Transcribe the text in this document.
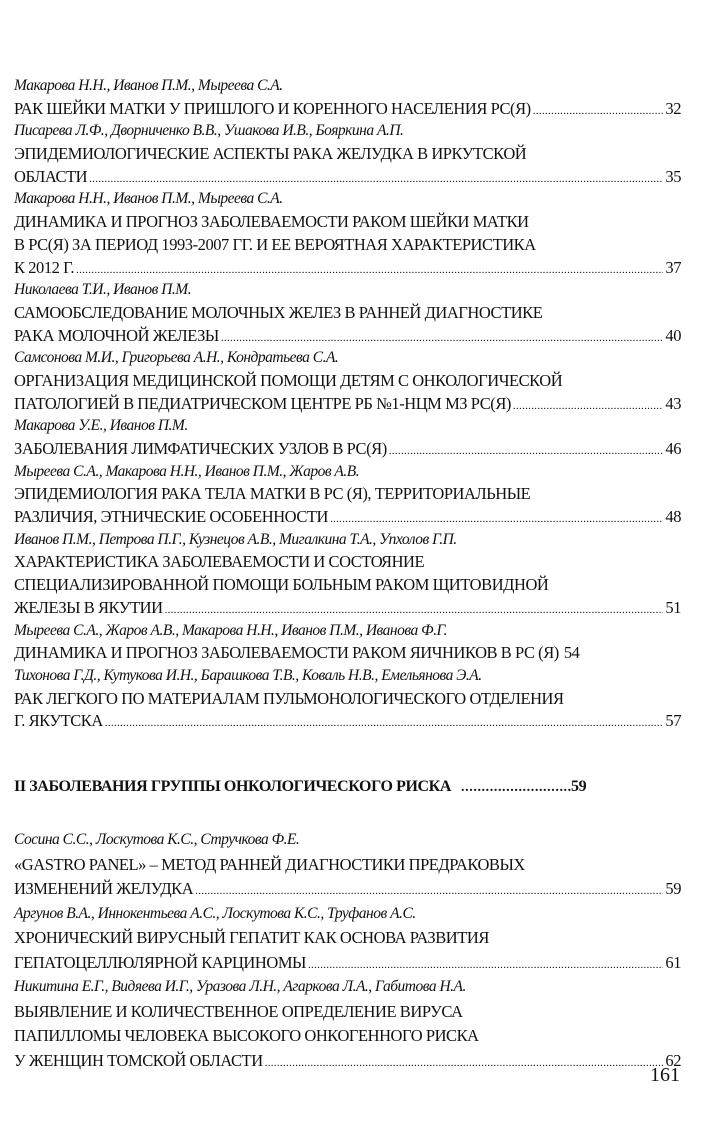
Макарова Н.Н., Иванов П.М., Мыреева С.А.
РАК ШЕЙКИ МАТКИ У ПРИШЛОГО И КОРЕННОГО НАСЕЛЕНИЯ РС(Я) .....	32
Писарева Л.Ф., Дворниченко В.В., Ушакова И.В., Бояркина А.П.
ЭПИДЕМИОЛОГИЧЕСКИЕ АСПЕКТЫ РАКА ЖЕЛУДКА В ИРКУТСКОЙ
ОБЛАСТИ .....	35
Макарова Н.Н., Иванов П.М., Мыреева С.А.
ДИНАМИКА И ПРОГНОЗ ЗАБОЛЕВАЕМОСТИ РАКОМ ШЕЙКИ МАТКИ
В РС(Я) ЗА ПЕРИОД 1993-2007 ГГ. И ЕЕ ВЕРОЯТНАЯ ХАРАКТЕРИСТИКА
К 2012 Г. .....	37
Николаева Т.И., Иванов П.М.
САМООБСЛЕДОВАНИЕ МОЛОЧНЫХ ЖЕЛЕЗ В РАННЕЙ ДИАГНОСТИКЕ
РАКА МОЛОЧНОЙ ЖЕЛЕЗЫ .....	40
Самсонова М.И., Григорьева А.Н., Кондратьева С.А.
ОРГАНИЗАЦИЯ МЕДИЦИНСКОЙ ПОМОЩИ ДЕТЯМ С ОНКОЛОГИЧЕСКОЙ
ПАТОЛОГИЕЙ В ПЕДИАТРИЧЕСКОМ ЦЕНТРЕ РБ №1-НЦМ МЗ РС(Я) .....	43
Макарова У.Е., Иванов П.М.
ЗАБОЛЕВАНИЯ ЛИМФАТИЧЕСКИХ УЗЛОВ В РС(Я) .....	46
Мыреева С.А., Макарова Н.Н., Иванов П.М., Жаров А.В.
ЭПИДЕМИОЛОГИЯ РАКА ТЕЛА МАТКИ В РС (Я), ТЕРРИТОРИАЛЬНЫЕ
РАЗЛИЧИЯ, ЭТНИЧЕСКИЕ ОСОБЕННОСТИ .....	48
Иванов П.М., Петрова П.Г., Кузнецов А.В., Мигалкина Т.А., Упхолов Г.П.
ХАРАКТЕРИСТИКА ЗАБОЛЕВАЕМОСТИ И СОСТОЯНИЕ
СПЕЦИАЛИЗИРОВАННОЙ ПОМОЩИ БОЛЬНЫМ РАКОМ ЩИТОВИДНОЙ
ЖЕЛЕЗЫ В ЯКУТИИ .....	51
Мыреева С.А., Жаров А.В., Макарова Н.Н., Иванов П.М., Иванова Ф.Г.
ДИНАМИКА И ПРОГНОЗ ЗАБОЛЕВАЕМОСТИ РАКОМ ЯИЧНИКОВ В РС (Я) 54
Тихонова Г.Д., Кутукова И.Н., Барашкова Т.В., Коваль Н.В., Емельянова Э.А.
РАК ЛЕГКОГО ПО МАТЕРИАЛАМ ПУЛЬМОНОЛОГИЧЕСКОГО ОТДЕЛЕНИЯ
Г. ЯКУТСКА .....	57
II ЗАБОЛЕВАНИЯ ГРУППЫ ОНКОЛОГИЧЕСКОГО РИСКА .....	59
Сосина С.С., Лоскутова К.С., Стручкова Ф.Е.
«GASTRO PANEL» – МЕТОД РАННЕЙ ДИАГНОСТИКИ ПРЕДРАКОВЫХ
ИЗМЕНЕНИЙ ЖЕЛУДКА .....	59
Аргунов В.А., Иннокентьева А.С., Лоскутова К.С., Труфанов А.С.
ХРОНИЧЕСКИЙ ВИРУСНЫЙ ГЕПАТИТ КАК ОСНОВА РАЗВИТИЯ
ГЕПАТОЦЕЛЛЮЛЯРНОЙ КАРЦИНОМЫ .....	61
Никитина Е.Г., Видяева И.Г., Уразова Л.Н., Агаркова Л.А., Габитова Н.А.
ВЫЯВЛЕНИЕ И КОЛИЧЕСТВЕННОЕ ОПРЕДЕЛЕНИЕ ВИРУСА
ПАПИЛЛОМЫ ЧЕЛОВЕКА ВЫСОКОГО ОНКОГЕННОГО РИСКА
У ЖЕНЩИН ТОМСКОЙ ОБЛАСТИ .....	62
161
